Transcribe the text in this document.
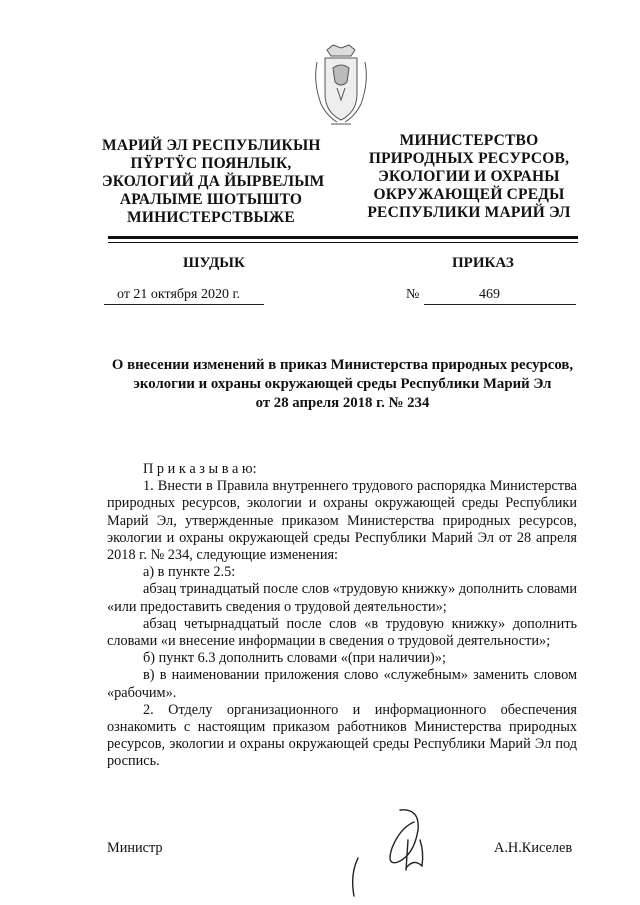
МАРИЙ ЭЛ РЕСПУБЛИКЫН
ПŸРТŸС ПОЯНЛЫК,
ЭКОЛОГИЙ ДА ЙЫРВЕЛЫМ
АРАЛЫМЕ ШОТЫШТО
МИНИСТЕРСТВЫЖЕ
МИНИСТЕРСТВО
ПРИРОДНЫХ РЕСУРСОВ,
ЭКОЛОГИИ И ОХРАНЫ
ОКРУЖАЮЩЕЙ СРЕДЫ
РЕСПУБЛИКИ МАРИЙ ЭЛ
ШУДЫК	ПРИКАЗ
от 21 октября 2020 г.	№	469
О внесении изменений в приказ Министерства природных ресурсов,
экологии и охраны окружающей среды Республики Марий Эл
от 28 апреля 2018 г. № 234

П р и к а з ы в а ю:

1. Внести в Правила внутреннего трудового распорядка Министерства природных ресурсов, экологии и охраны окружающей среды Республики Марий Эл, утвержденные приказом Министерства природных ресурсов, экологии и охраны окружающей среды Республики Марий Эл от 28 апреля 2018 г. № 234, следующие изменения:

а) в пункте 2.5:

абзац тринадцатый после слов «трудовую книжку» дополнить словами «или предоставить сведения о трудовой деятельности»;

абзац четырнадцатый после слов «в трудовую книжку» дополнить словами «и внесение информации в сведения о трудовой деятельности»;

б) пункт 6.3 дополнить словами «(при наличии)»;

в) в наименовании приложения слово «служебным» заменить словом «рабочим».

2. Отделу организационного и информационного обеспечения ознакомить с настоящим приказом работников Министерства природных ресурсов, экологии и охраны окружающей среды Республики Марий Эл под роспись.

Министр	А.Н.Киселев
